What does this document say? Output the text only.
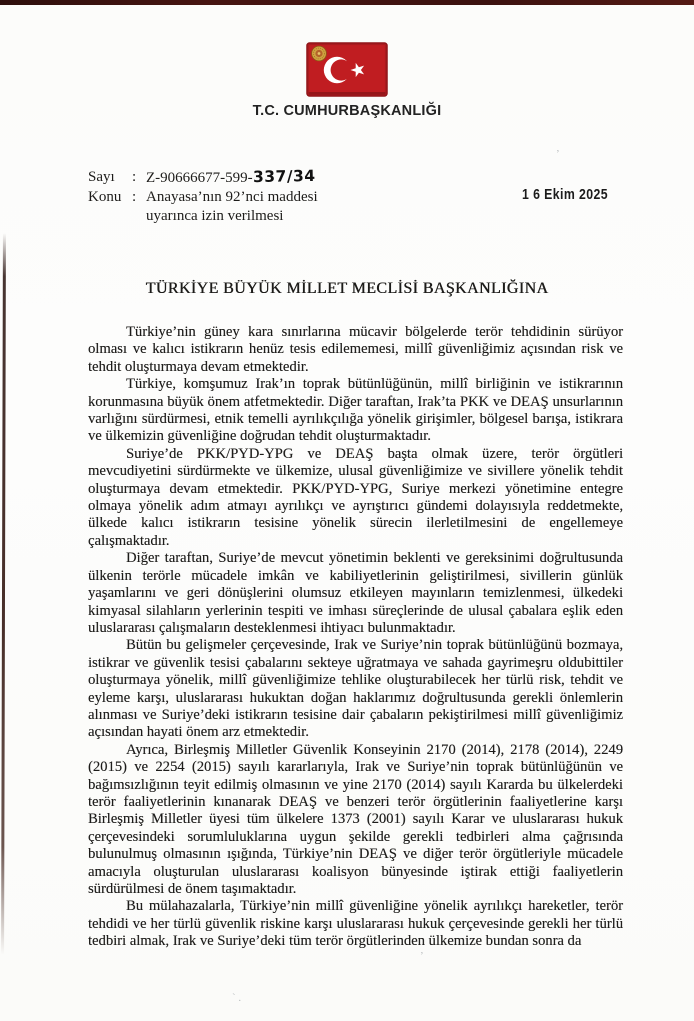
’
’
` .
T.C. CUMHURBAŞKANLIĞI
Sayı	: Z-90666677-599-337/34
Konu : Anayasa’nın 92’nci maddesi uyarınca izin verilmesi
1 6 Ekim 2025
TÜRKİYE BÜYÜK MİLLET MECLİSİ BAŞKANLIĞINA

Türkiye’nin güney kara sınırlarına mücavir bölgelerde terör tehdidinin sürüyor olması ve kalıcı istikrarın henüz tesis edilememesi, millî güvenliğimiz açısından risk ve tehdit oluşturmaya devam etmektedir.

Türkiye, komşumuz Irak’ın toprak bütünlüğünün, millî birliğinin ve istikrarının korunmasına büyük önem atfetmektedir. Diğer taraftan, Irak’ta PKK ve DEAŞ unsurlarının varlığını sürdürmesi, etnik temelli ayrılıkçılığa yönelik girişimler, bölgesel barışa, istikrara ve ülkemizin güvenliğine doğrudan tehdit oluşturmaktadır.

Suriye’de PKK/PYD-YPG ve DEAŞ başta olmak üzere, terör örgütleri mevcudiyetini sürdürmekte ve ülkemize, ulusal güvenliğimize ve sivillere yönelik tehdit oluşturmaya devam etmektedir. PKK/PYD-YPG, Suriye merkezi yönetimine entegre olmaya yönelik adım atmayı ayrılıkçı ve ayrıştırıcı gündemi dolayısıyla reddetmekte, ülkede kalıcı istikrarın tesisine yönelik sürecin ilerletilmesini de engellemeye çalışmaktadır.

Diğer taraftan, Suriye’de mevcut yönetimin beklenti ve gereksinimi doğrultusunda ülkenin terörle mücadele imkân ve kabiliyetlerinin geliştirilmesi, sivillerin günlük yaşamlarını ve geri dönüşlerini olumsuz etkileyen mayınların temizlenmesi, ülkedeki kimyasal silahların yerlerinin tespiti ve imhası süreçlerinde de ulusal çabalara eşlik eden uluslararası çalışmaların desteklenmesi ihtiyacı bulunmaktadır.

Bütün bu gelişmeler çerçevesinde, Irak ve Suriye’nin toprak bütünlüğünü bozmaya, istikrar ve güvenlik tesisi çabalarını sekteye uğratmaya ve sahada gayrimeşru oldubittiler oluşturmaya yönelik, millî güvenliğimize tehlike oluşturabilecek her türlü risk, tehdit ve eyleme karşı, uluslararası hukuktan doğan haklarımız doğrultusunda gerekli önlemlerin alınması ve Suriye’deki istikrarın tesisine dair çabaların pekiştirilmesi millî güvenliğimiz açısından hayati önem arz etmektedir.

Ayrıca, Birleşmiş Milletler Güvenlik Konseyinin 2170 (2014), 2178 (2014), 2249 (2015) ve 2254 (2015) sayılı kararlarıyla, Irak ve Suriye’nin toprak bütünlüğünün ve bağımsızlığının teyit edilmiş olmasının ve yine 2170 (2014) sayılı Kararda bu ülkelerdeki terör faaliyetlerinin kınanarak DEAŞ ve benzeri terör örgütlerinin faaliyetlerine karşı Birleşmiş Milletler üyesi tüm ülkelere 1373 (2001) sayılı Karar ve uluslararası hukuk çerçevesindeki sorumluluklarına uygun şekilde gerekli tedbirleri alma çağrısında bulunulmuş olmasının ışığında, Türkiye’nin DEAŞ ve diğer terör örgütleriyle mücadele amacıyla oluşturulan uluslararası koalisyon bünyesinde iştirak ettiği faaliyetlerin sürdürülmesi de önem taşımaktadır.

Bu mülahazalarla, Türkiye’nin millî güvenliğine yönelik ayrılıkçı hareketler, terör tehdidi ve her türlü güvenlik riskine karşı uluslararası hukuk çerçevesinde gerekli her türlü tedbiri almak, Irak ve Suriye’deki tüm terör örgütlerinden ülkemize bundan sonra da
